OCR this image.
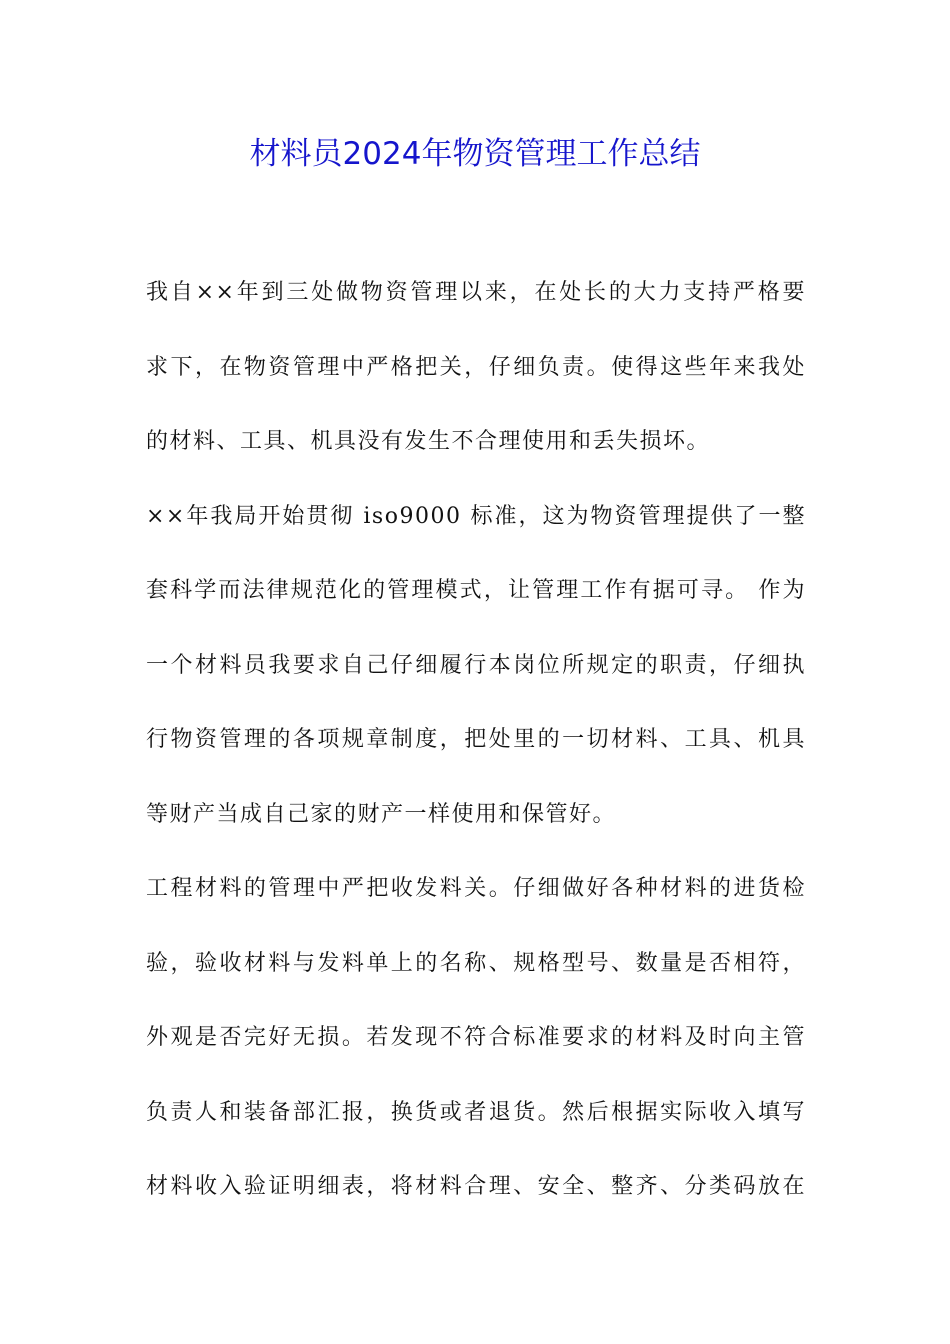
材料员2024年物资管理工作总结
我自××年到三处做物资管理以来，在处长的大力支持严格要
求下，在物资管理中严格把关，仔细负责。使得这些年来我处
的材料、工具、机具没有发生不合理使用和丢失损坏。
××年我局开始贯彻 iso9000 标准，这为物资管理提供了一整
套科学而法律规范化的管理模式，让管理工作有据可寻。 作为
一个材料员我要求自己仔细履行本岗位所规定的职责，仔细执
行物资管理的各项规章制度，把处里的一切材料、工具、机具
等财产当成自己家的财产一样使用和保管好。
工程材料的管理中严把收发料关。仔细做好各种材料的进货检
验，验收材料与发料单上的名称、规格型号、数量是否相符，
外观是否完好无损。若发现不符合标准要求的材料及时向主管
负责人和装备部汇报，换货或者退货。然后根据实际收入填写
材料收入验证明细表，将材料合理、安全、整齐、分类码放在
